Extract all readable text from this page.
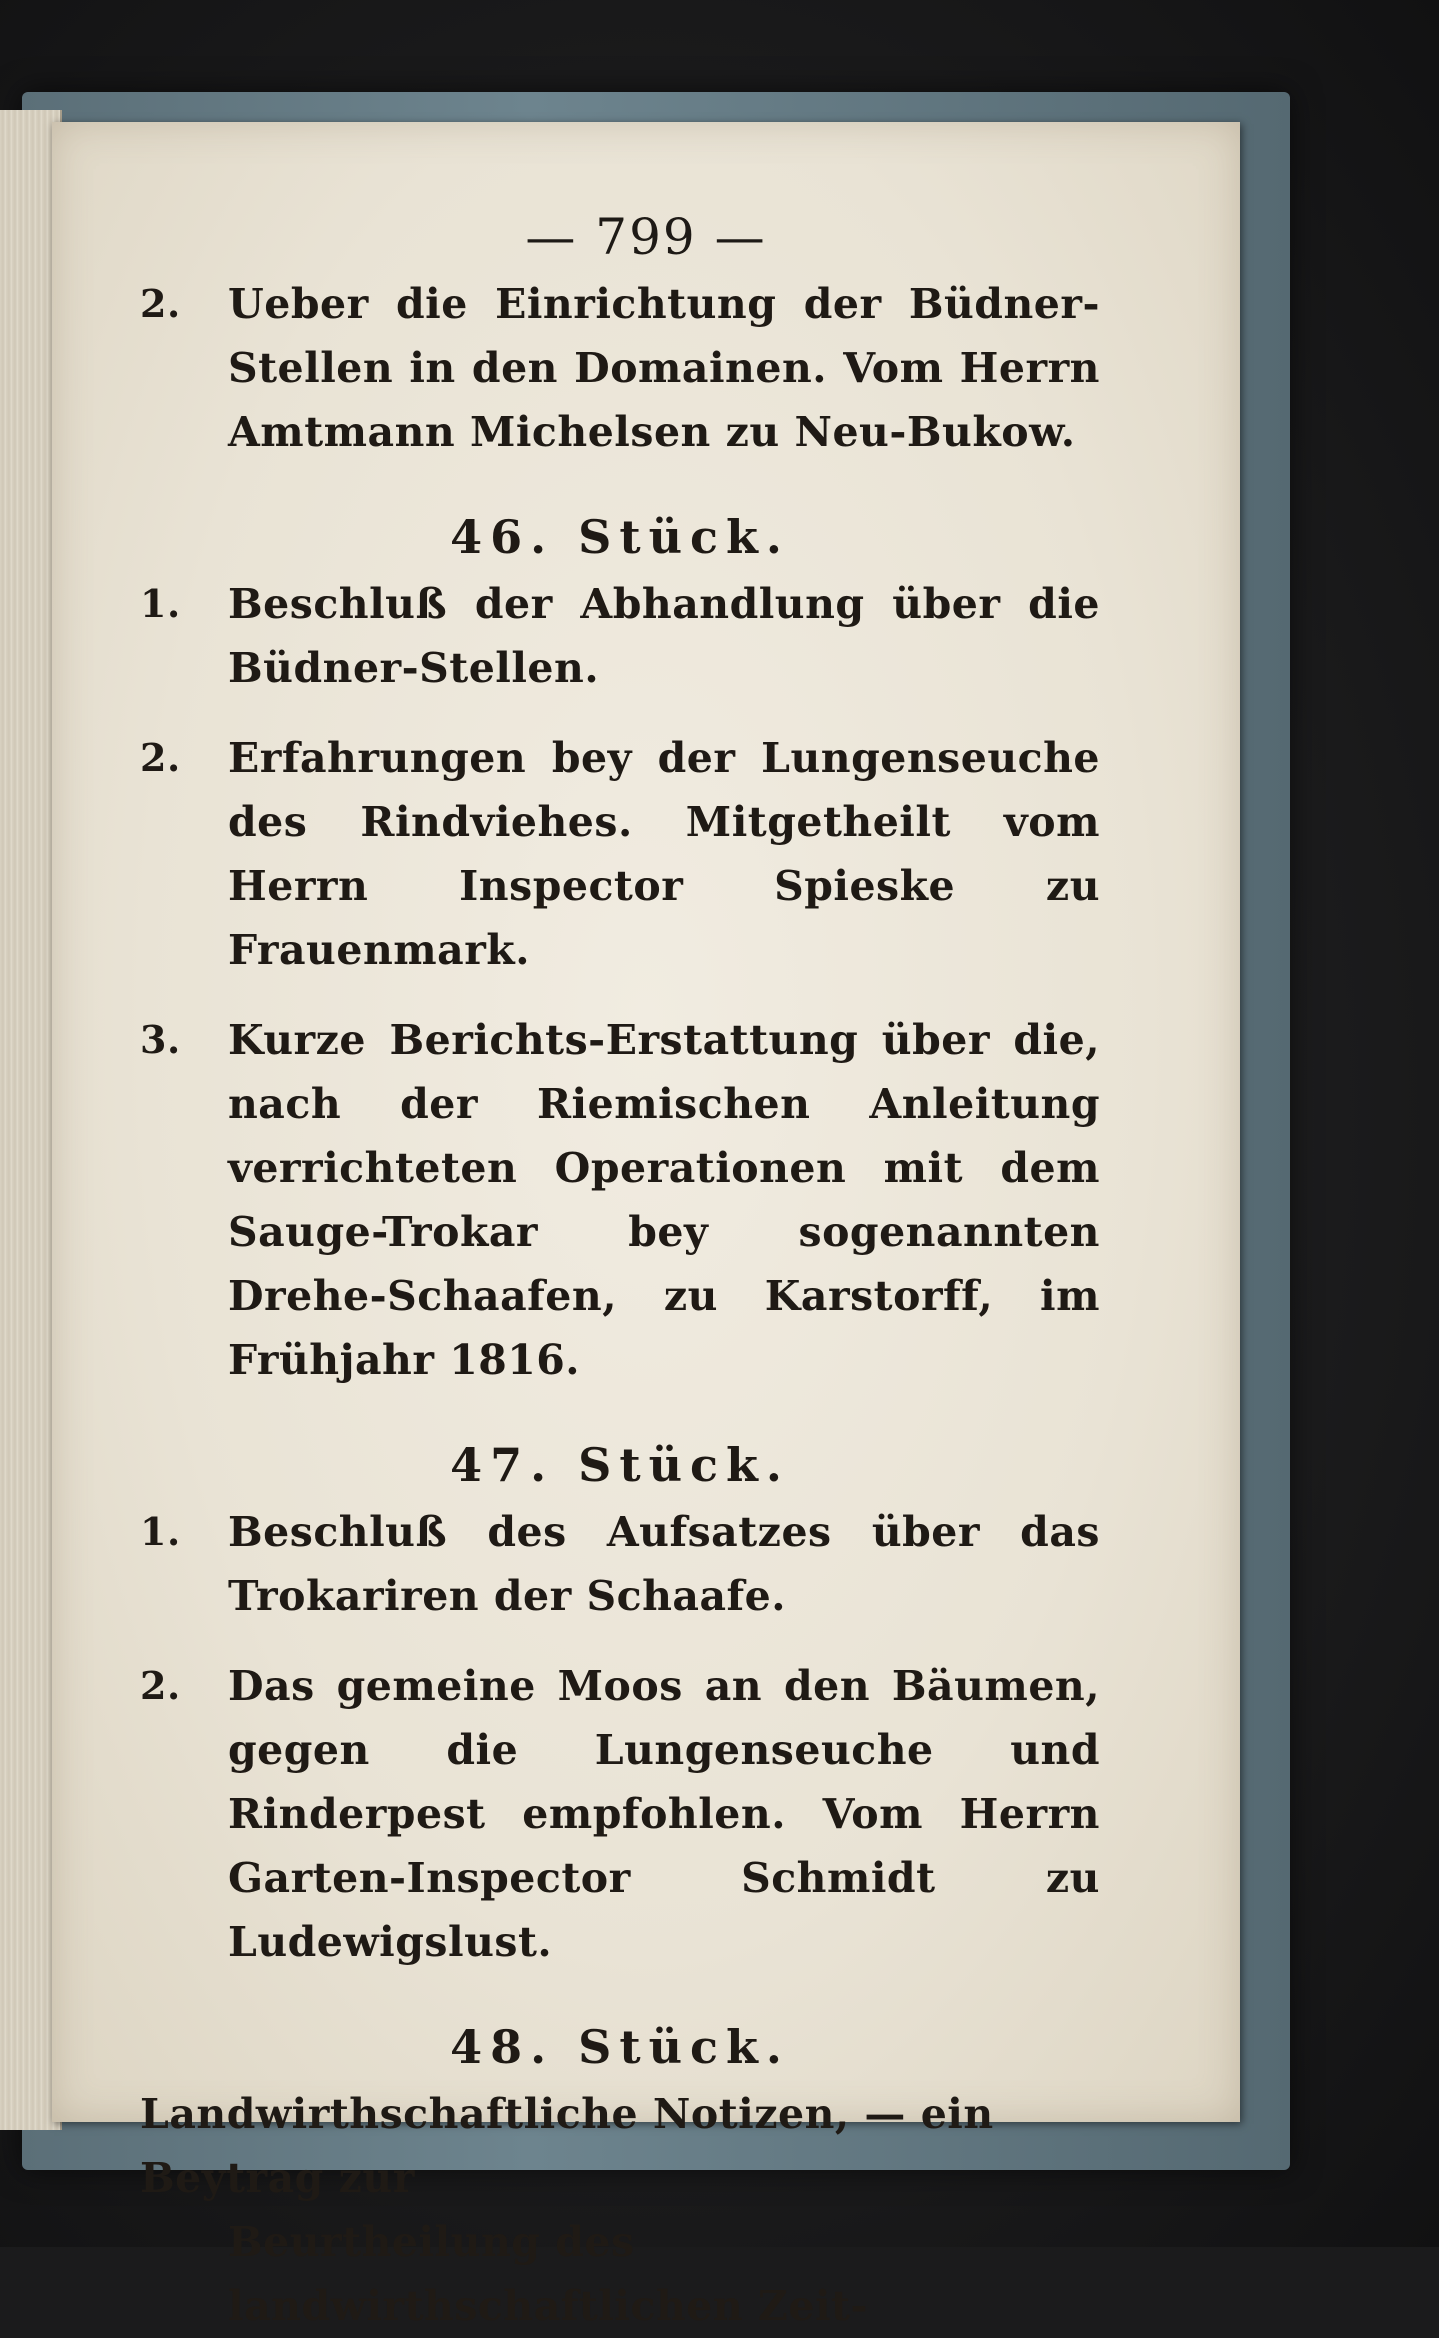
— 799 —
2.	Ueber die Einrichtung der Büdner-Stellen in den Domainen. Vom Herrn Amtmann Michelsen zu Neu-Bukow.
46. Stück.
1.	Beschluß der Abhandlung über die Büdner-Stellen.
2.	Erfahrungen bey der Lungenseuche des Rindviehes. Mitgetheilt vom Herrn Inspector Spieske zu Frauenmark.
3.	Kurze Berichts-Erstattung über die, nach der Riemischen Anleitung verrichteten Operationen mit dem Sauge-Trokar bey sogenannten Drehe-Schaafen, zu Karstorff, im Frühjahr 1816.
47. Stück.
1.	Beschluß des Aufsatzes über das Trokariren der Schaafe.
2.	Das gemeine Moos an den Bäumen, gegen die Lungenseuche und Rinderpest empfohlen. Vom Herrn Garten-Inspector Schmidt zu Ludewigslust.
48. Stück.
Landwirthschaftliche Notizen, — ein Beytrag zur
Beurtheilung des landwirthschaftlichen Zeit-
